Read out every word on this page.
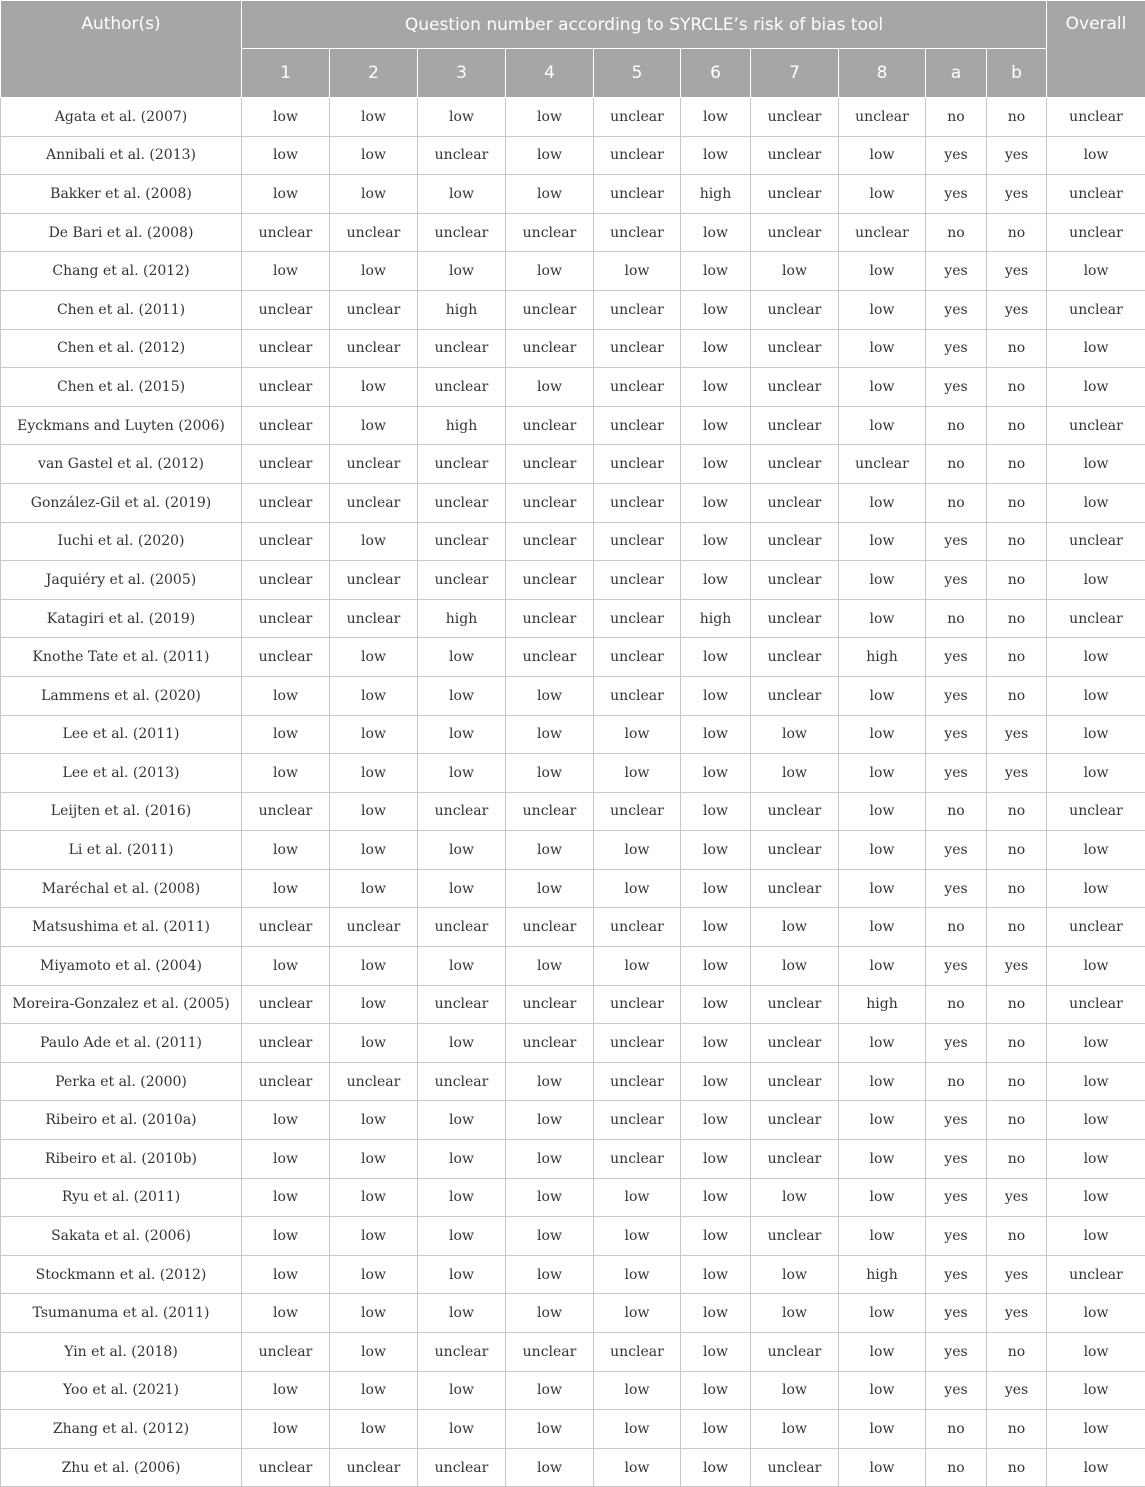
Author(s)	Question number according to SYRCLE’s risk of bias tool										Overall
	1	2	3	4	5	6	7	8	a	b	
Agata et al. (2007)	low	low	low	low	unclear	low	unclear	unclear	no	no	unclear
Annibali et al. (2013)	low	low	unclear	low	unclear	low	unclear	low	yes	yes	low
Bakker et al. (2008)	low	low	low	low	unclear	high	unclear	low	yes	yes	unclear
De Bari et al. (2008)	unclear	unclear	unclear	unclear	unclear	low	unclear	unclear	no	no	unclear
Chang et al. (2012)	low	low	low	low	low	low	low	low	yes	yes	low
Chen et al. (2011)	unclear	unclear	high	unclear	unclear	low	unclear	low	yes	yes	unclear
Chen et al. (2012)	unclear	unclear	unclear	unclear	unclear	low	unclear	low	yes	no	low
Chen et al. (2015)	unclear	low	unclear	low	unclear	low	unclear	low	yes	no	low
Eyckmans and Luyten (2006)	unclear	low	high	unclear	unclear	low	unclear	low	no	no	unclear
van Gastel et al. (2012)	unclear	unclear	unclear	unclear	unclear	low	unclear	unclear	no	no	low
González-Gil et al. (2019)	unclear	unclear	unclear	unclear	unclear	low	unclear	low	no	no	low
Iuchi et al. (2020)	unclear	low	unclear	unclear	unclear	low	unclear	low	yes	no	unclear
Jaquiéry et al. (2005)	unclear	unclear	unclear	unclear	unclear	low	unclear	low	yes	no	low
Katagiri et al. (2019)	unclear	unclear	high	unclear	unclear	high	unclear	low	no	no	unclear
Knothe Tate et al. (2011)	unclear	low	low	unclear	unclear	low	unclear	high	yes	no	low
Lammens et al. (2020)	low	low	low	low	unclear	low	unclear	low	yes	no	low
Lee et al. (2011)	low	low	low	low	low	low	low	low	yes	yes	low
Lee et al. (2013)	low	low	low	low	low	low	low	low	yes	yes	low
Leijten et al. (2016)	unclear	low	unclear	unclear	unclear	low	unclear	low	no	no	unclear
Li et al. (2011)	low	low	low	low	low	low	unclear	low	yes	no	low
Maréchal et al. (2008)	low	low	low	low	low	low	unclear	low	yes	no	low
Matsushima et al. (2011)	unclear	unclear	unclear	unclear	unclear	low	low	low	no	no	unclear
Miyamoto et al. (2004)	low	low	low	low	low	low	low	low	yes	yes	low
Moreira-Gonzalez et al. (2005)	unclear	low	unclear	unclear	unclear	low	unclear	high	no	no	unclear
Paulo Ade et al. (2011)	unclear	low	low	unclear	unclear	low	unclear	low	yes	no	low
Perka et al. (2000)	unclear	unclear	unclear	low	unclear	low	unclear	low	no	no	low
Ribeiro et al. (2010a)	low	low	low	low	unclear	low	unclear	low	yes	no	low
Ribeiro et al. (2010b)	low	low	low	low	unclear	low	unclear	low	yes	no	low
Ryu et al. (2011)	low	low	low	low	low	low	low	low	yes	yes	low
Sakata et al. (2006)	low	low	low	low	low	low	unclear	low	yes	no	low
Stockmann et al. (2012)	low	low	low	low	low	low	low	high	yes	yes	unclear
Tsumanuma et al. (2011)	low	low	low	low	low	low	low	low	yes	yes	low
Yin et al. (2018)	unclear	low	unclear	unclear	unclear	low	unclear	low	yes	no	low
Yoo et al. (2021)	low	low	low	low	low	low	low	low	yes	yes	low
Zhang et al. (2012)	low	low	low	low	low	low	low	low	no	no	low
Zhu et al. (2006)	unclear	unclear	unclear	low	low	low	unclear	low	no	no	low
